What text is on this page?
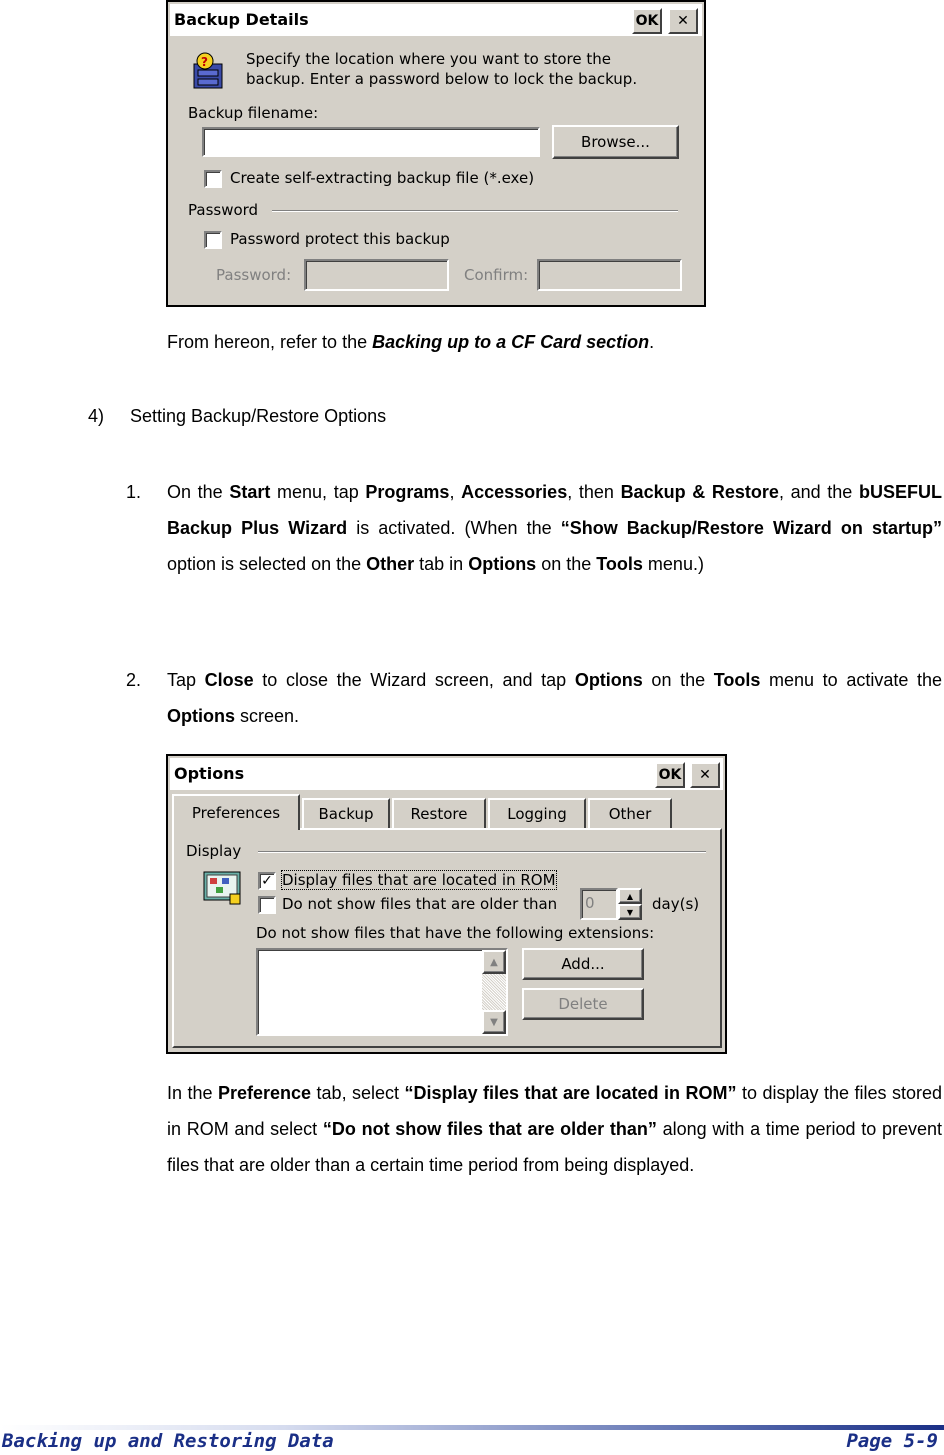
Backup Details	OK	✕
?	Specify the location where you want to store the
backup. Enter a password below to lock the backup.
Backup filename:
Browse...
Create self-extracting backup file (*.exe)
Password
Password protect this backup
Password:	Confirm:
From hereon, refer to the Backing up to a CF Card section.
4) Setting Backup/Restore Options
1. On the Start menu, tap Programs, Accessories, then Backup & Restore, and the bUSEFUL Backup Plus Wizard is activated. (When the “Show Backup/Restore Wizard on startup” option is selected on the Other tab in Options on the Tools menu.)
2. Tap Close to close the Wizard screen, and tap Options on the Tools menu to activate the Options screen.
Options	OK	✕
Preferences	Backup Restore	Logging	Other
Display
✓ Display files that are located in ROM
Do not show files that are older than 0	▲
▼	day(s)
Do not show files that have the following extensions:
▲
▼
Add...
Delete
In the Preference tab, select “Display files that are located in ROM” to display the files stored in ROM and select “Do not show files that are older than” along with a time period to prevent files that are older than a certain time period from being displayed.
Backing up and Restoring Data	Page 5-9
